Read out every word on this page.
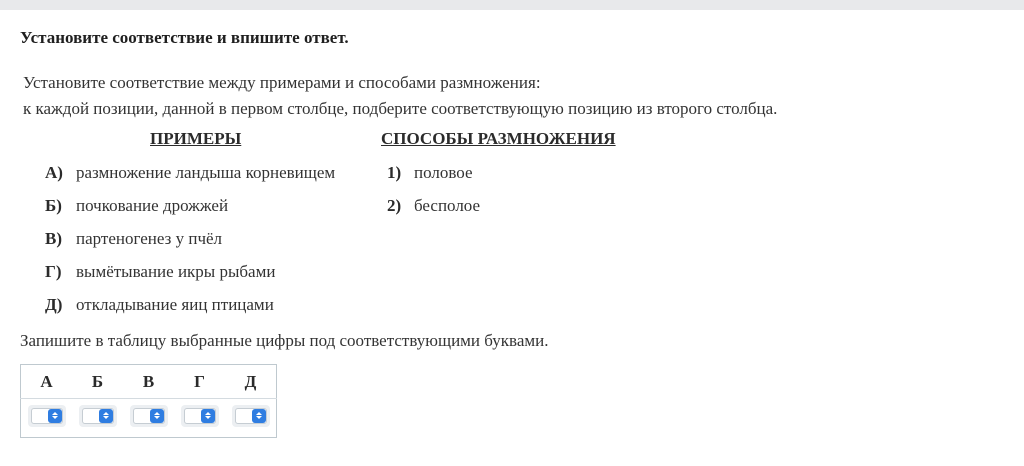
Установите соответствие и впишите ответ.
Установите соответствие между примерами и способами размножения:
к каждой позиции, данной в первом столбце, подберите соответствующую позицию из второго столбца.
ПРИМЕРЫ	СПОСОБЫ РАЗМНОЖЕНИЯ
А) размножение ландыша корневищем
Б) почкование дрожжей
В) партеногенез у пчёл
Г) вымётывание икры рыбами
Д) откладывание яиц птицами
1) половое
2) бесполое
Запишите в таблицу выбранные цифры под соответствующими буквами.
А	Б	В	Г	Д
